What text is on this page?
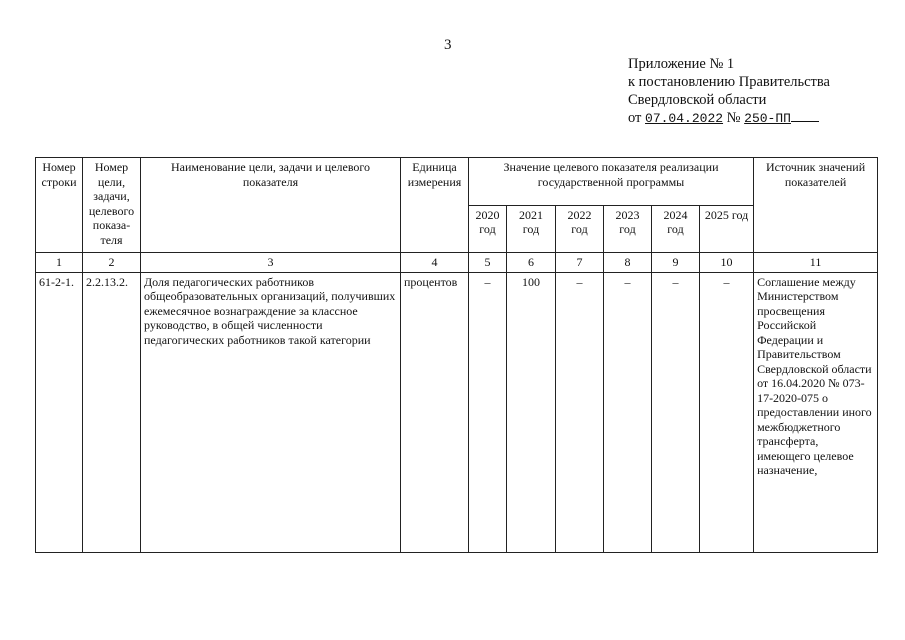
3
Приложение № 1
к постановлению Правительства
Свердловской области
от 07.04.2022 № 250-ПП
Номер строки	Номер цели, задачи, целевого показа-теля	Наименование цели, задачи и целевого показателя	Единица измерения	Значение целевого показателя реализации государственной программы						Источник значений показателей
				2020 год	2021 год	2022 год	2023 год	2024 год	2025 год	
1	2	3	4	5	6	7	8	9	10	11
61-2-1.	2.2.13.2.	Доля педагогических работников общеобразовательных организаций, получивших ежемесячное вознаграждение за классное руководство, в общей численности педагогических работников такой категории	процентов	–	100	–	–	–	–	Соглашение между Министерством просвещения Российской Федерации и Правительством Свердловской области от 16.04.2020 № 073-17-2020-075 о предоставлении иного межбюджетного трансферта, имеющего целевое назначение,
